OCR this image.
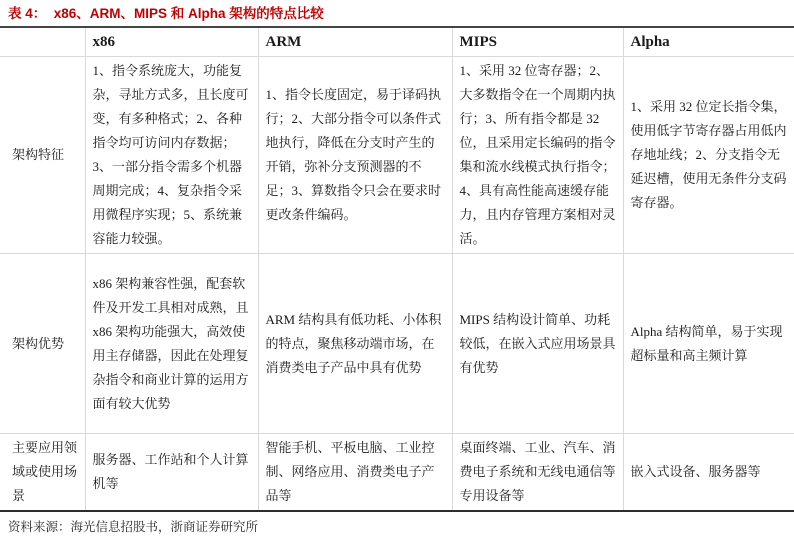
表 4：  x86、ARM、MIPS 和 Alpha 架构的特点比较
	x86	ARM	MIPS	Alpha
架构特征	1、指令系统庞大，功能复杂，寻址方式多，且长度可变，有多种格式；2、各种指令均可访问内存数据；3、一部分指令需多个机器周期完成；4、复杂指令采用微程序实现；5、系统兼容能力较强。	1、指令长度固定，易于译码执行；2、大部分指令可以条件式地执行，降低在分支时产生的开销，弥补分支预测器的不足；3、算数指令只会在要求时更改条件编码。	1、采用 32 位寄存器；2、大多数指令在一个周期内执行；3、所有指令都是 32 位，且采用定长编码的指令集和流水线模式执行指令；4、具有高性能高速缓存能力，且内存管理方案相对灵活。	1、采用 32 位定长指令集，使用低字节寄存器占用低内存地址线；2、分支指令无延迟槽，使用无条件分支码寄存器。
架构优势	x86 架构兼容性强，配套软件及开发工具相对成熟，且 x86 架构功能强大，高效使用主存储器，因此在处理复杂指令和商业计算的运用方面有较大优势	ARM 结构具有低功耗、小体积的特点，聚焦移动端市场，在消费类电子产品中具有优势	MIPS 结构设计简单、功耗较低，在嵌入式应用场景具有优势	Alpha 结构简单，易于实现超标量和高主频计算
主要应用领域或使用场景	服务器、工作站和个人计算机等	智能手机、平板电脑、工业控制、网络应用、消费类电子产品等	桌面终端、工业、汽车、消费电子系统和无线电通信等专用设备等	嵌入式设备、服务器等
资料来源：海光信息招股书，浙商证券研究所
